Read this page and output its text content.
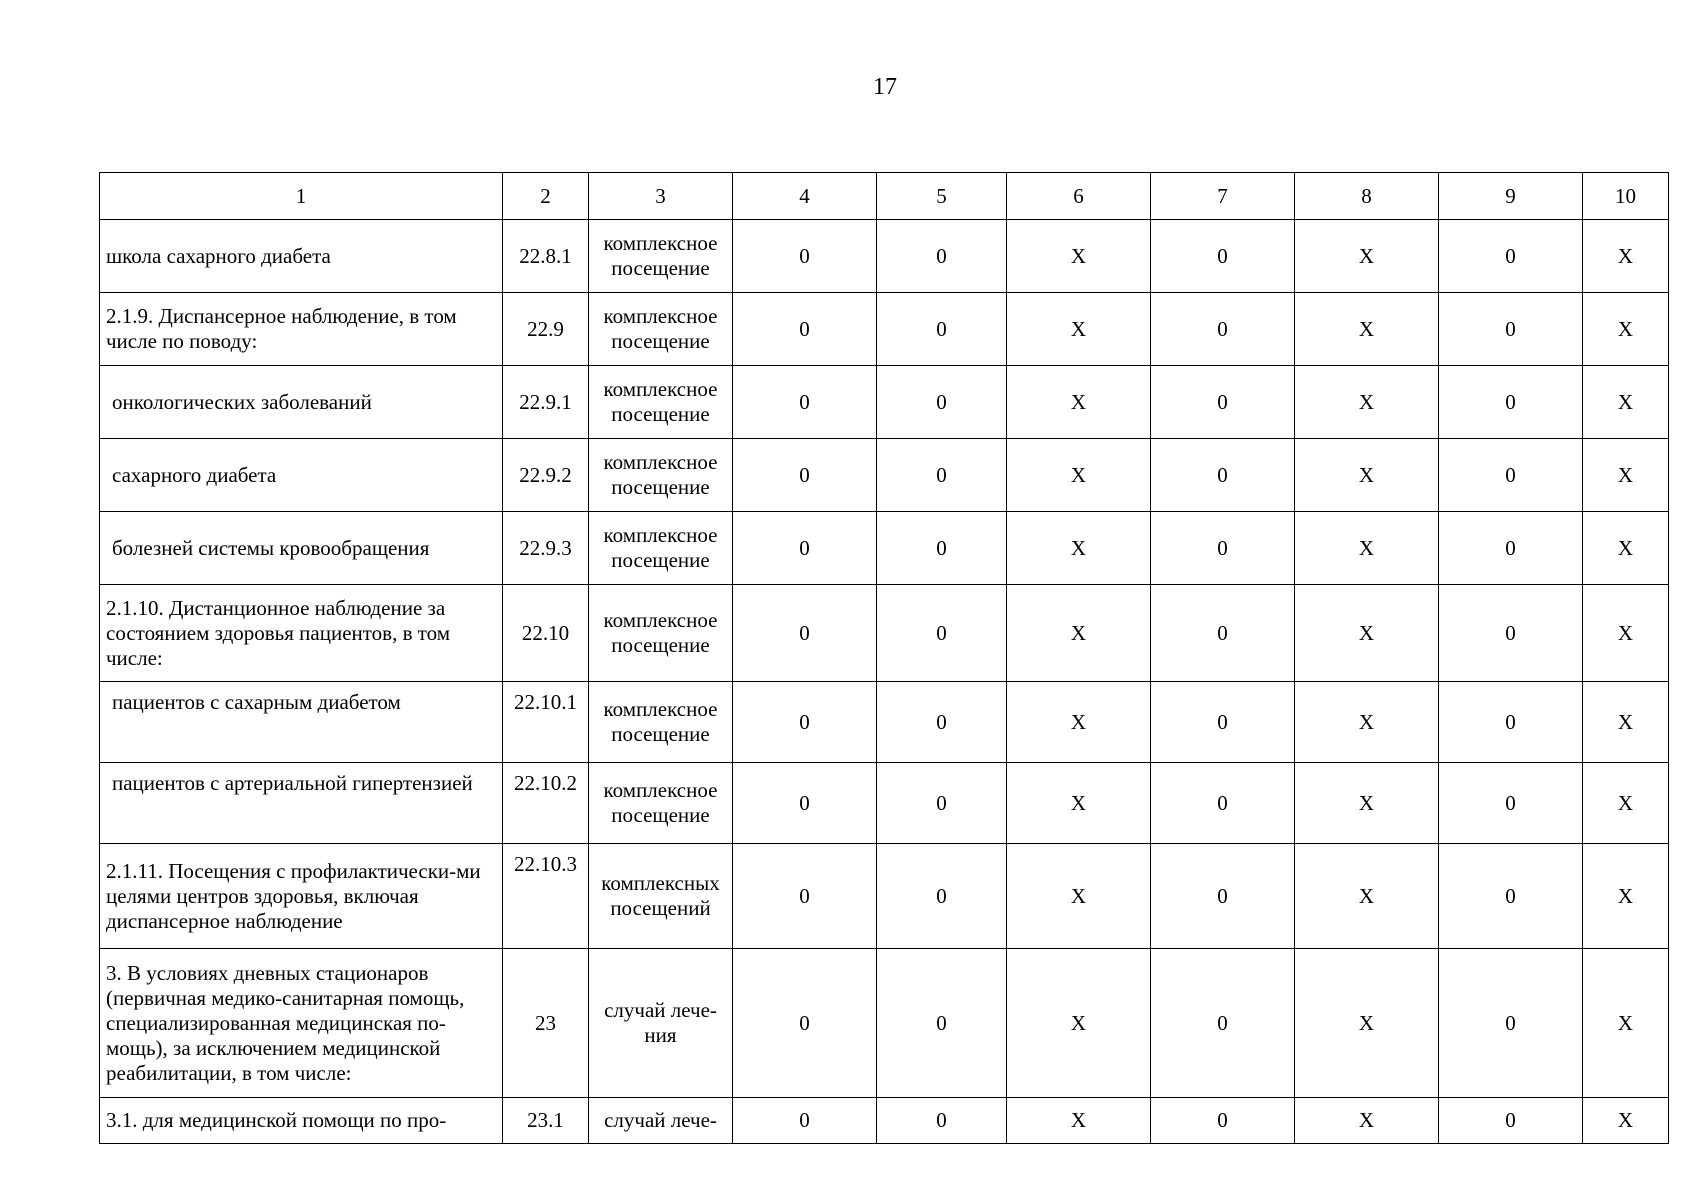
17
1	2	3	4	5	6	7	8	9	10
школа сахарного диабета	22.8.1	комплексное посещение	0	0	X	0	X	0	X
2.1.9. Диспансерное наблюдение, в том числе по поводу:	22.9	комплексное посещение	0	0	X	0	X	0	X
онкологических заболеваний	22.9.1	комплексное посещение	0	0	X	0	X	0	X
сахарного диабета	22.9.2	комплексное посещение	0	0	X	0	X	0	X
болезней системы кровообращения	22.9.3	комплексное посещение	0	0	X	0	X	0	X
2.1.10. Дистанционное наблюдение за состоянием здоровья пациентов, в том числе:	22.10	комплексное посещение	0	0	X	0	X	0	X
пациентов с сахарным диабетом	22.10.1	комплексное посещение	0	0	X	0	X	0	X
пациентов с артериальной гипертензией	22.10.2	комплексное посещение	0	0	X	0	X	0	X
2.1.11. Посещения с профилактически-ми целями центров здоровья, включая диспансерное наблюдение	22.10.3	комплексных посещений	0	0	X	0	X	0	X
3. В условиях дневных стационаров (первичная медико-санитарная помощь, специализированная медицинская по-мощь), за исключением медицинской реабилитации, в том числе:	23	случай лече-ния	0	0	X	0	X	0	X
3.1. для медицинской помощи по про-	23.1	случай лече-	0	0	X	0	X	0	X
